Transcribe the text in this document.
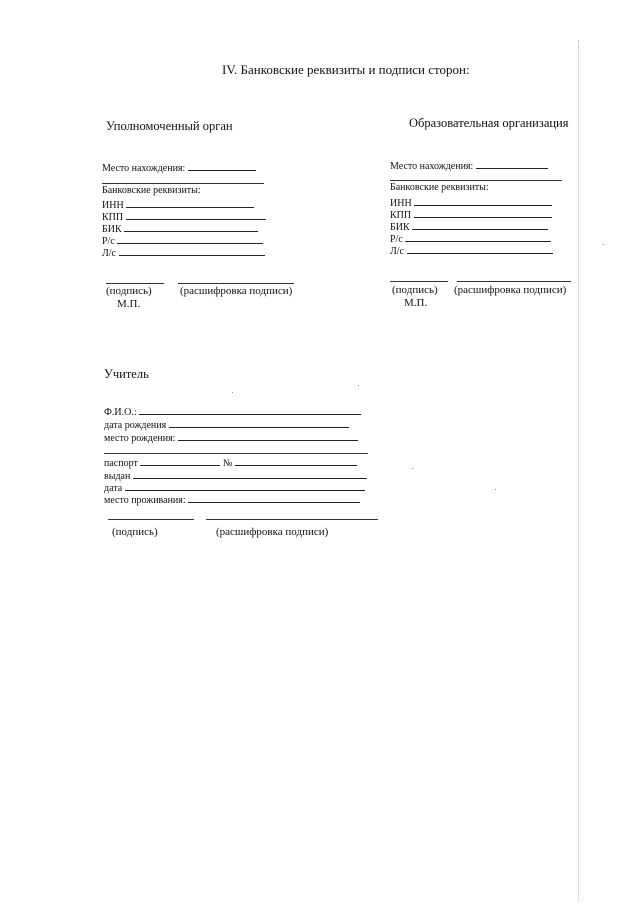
IV. Банковские реквизиты и подписи сторон:
Уполномоченный орган
Место нахождения:
Банковские реквизиты:
ИНН
КПП
БИК
Р/с
Л/с
(подпись)	(расшифровка подписи)
М.П.
Образовательная организация
Место нахождения:
Банковские реквизиты:
ИНН
КПП
БИК
Р/с
Л/с
(подпись) (расшифровка подписи)
М.П.
Учитель
Ф.И.О.:
дата рождения
место рождения:
паспорт	№
выдан
дата
место проживания:
(подпись)	(расшифровка подписи)
